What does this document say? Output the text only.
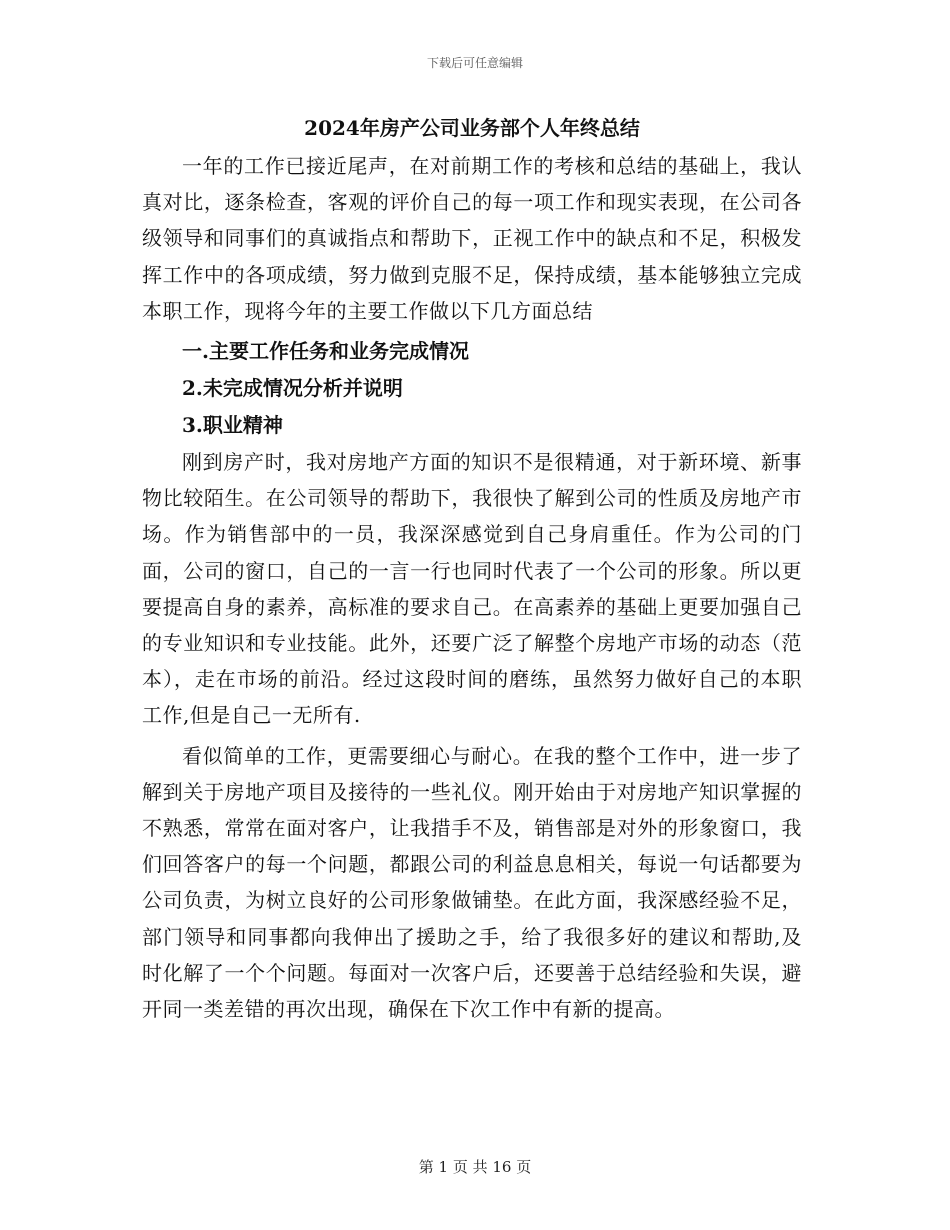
下载后可任意编辑
2024年房产公司业务部个人年终总结

一年的工作已接近尾声，在对前期工作的考核和总结的基础上，我认真对比，逐条检查，客观的评价自己的每一项工作和现实表现，在公司各级领导和同事们的真诚指点和帮助下，正视工作中的缺点和不足，积极发挥工作中的各项成绩，努力做到克服不足，保持成绩，基本能够独立完成本职工作，现将今年的主要工作做以下几方面总结

一.主要工作任务和业务完成情况

2.未完成情况分析并说明

3.职业精神

刚到房产时，我对房地产方面的知识不是很精通，对于新环境、新事物比较陌生。在公司领导的帮助下，我很快了解到公司的性质及房地产市场。作为销售部中的一员，我深深感觉到自己身肩重任。作为公司的门面，公司的窗口，自己的一言一行也同时代表了一个公司的形象。所以更要提高自身的素养，高标准的要求自己。在高素养的基础上更要加强自己的专业知识和专业技能。此外，还要广泛了解整个房地产市场的动态（范本），走在市场的前沿。经过这段时间的磨练，虽然努力做好自己的本职工作,但是自己一无所有.

看似简单的工作，更需要细心与耐心。在我的整个工作中，进一步了解到关于房地产项目及接待的一些礼仪。刚开始由于对房地产知识掌握的不熟悉，常常在面对客户，让我措手不及，销售部是对外的形象窗口，我们回答客户的每一个问题，都跟公司的利益息息相关，每说一句话都要为公司负责，为树立良好的公司形象做铺垫。在此方面，我深感经验不足，部门领导和同事都向我伸出了援助之手，给了我很多好的建议和帮助,及时化解了一个个问题。每面对一次客户后，还要善于总结经验和失误，避开同一类差错的再次出现，确保在下次工作中有新的提高。

第 1 页 共 16 页
